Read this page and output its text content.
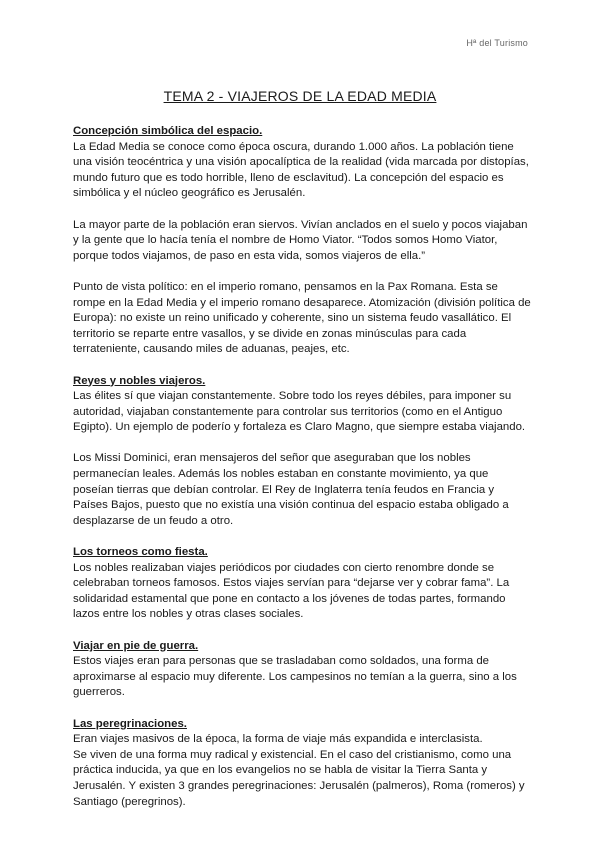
Hª del Turismo
TEMA 2 - VIAJEROS DE LA EDAD MEDIA

Concepción simbólica del espacio.

La Edad Media se conoce como época oscura, durando 1.000 años. La población tiene una visión teocéntrica y una visión apocalíptica de la realidad (vida marcada por distopías, mundo futuro que es todo horrible, lleno de esclavitud). La concepción del espacio es simbólica y el núcleo geográfico es Jerusalén.

La mayor parte de la población eran siervos. Vivían anclados en el suelo y pocos viajaban y la gente que lo hacía tenía el nombre de Homo Viator. “Todos somos Homo Viator, porque todos viajamos, de paso en esta vida, somos viajeros de ella.”

Punto de vista político: en el imperio romano, pensamos en la Pax Romana. Esta se rompe en la Edad Media y el imperio romano desaparece. Atomización (división política de Europa): no existe un reino unificado y coherente, sino un sistema feudo vasallático. El territorio se reparte entre vasallos, y se divide en zonas minúsculas para cada terrateniente, causando miles de aduanas, peajes, etc.

Reyes y nobles viajeros.

Las élites sí que viajan constantemente. Sobre todo los reyes débiles, para imponer su autoridad, viajaban constantemente para controlar sus territorios (como en el Antiguo Egipto). Un ejemplo de poderío y fortaleza es Claro Magno, que siempre estaba viajando.

Los Missi Dominici, eran mensajeros del señor que aseguraban que los nobles permanecían leales. Además los nobles estaban en constante movimiento, ya que poseían tierras que debían controlar. El Rey de Inglaterra tenía feudos en Francia y Países Bajos, puesto que no existía una visión continua del espacio estaba obligado a desplazarse de un feudo a otro.

Los torneos como fiesta.

Los nobles realizaban viajes periódicos por ciudades con cierto renombre donde se celebraban torneos famosos. Estos viajes servían para “dejarse ver y cobrar fama”. La solidaridad estamental que pone en contacto a los jóvenes de todas partes, formando lazos entre los nobles y otras clases sociales.

Viajar en pie de guerra.

Estos viajes eran para personas que se trasladaban como soldados, una forma de aproximarse al espacio muy diferente. Los campesinos no temían a la guerra, sino a los guerreros.

Las peregrinaciones.

Eran viajes masivos de la época, la forma de viaje más expandida e interclasista.
Se viven de una forma muy radical y existencial. En el caso del cristianismo, como una práctica inducida, ya que en los evangelios no se habla de visitar la Tierra Santa y Jerusalén. Y existen 3 grandes peregrinaciones: Jerusalén (palmeros), Roma (romeros) y Santiago (peregrinos).
